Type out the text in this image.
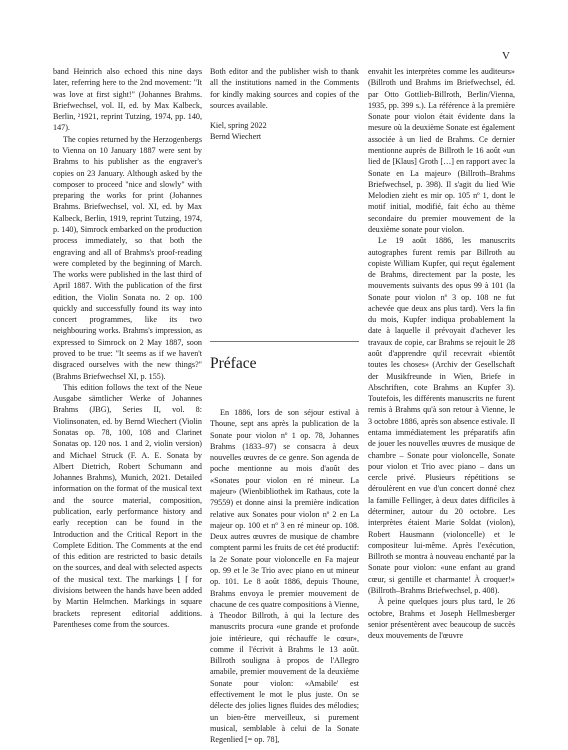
V

band Heinrich also echoed this nine days later, referring here to the 2nd movement: "It was love at first sight!" (Johannes Brahms. Briefwechsel, vol. II, ed. by Max Kalbeck, Berlin, ²1921, reprint Tutzing, 1974, pp. 140, 147).

The copies returned by the Herzogenbergs to Vienna on 10 January 1887 were sent by Brahms to his publisher as the engraver's copies on 23 January. Although asked by the composer to proceed "nice and slowly" with preparing the works for print (Johannes Brahms. Briefwechsel, vol. XI, ed. by Max Kalbeck, Berlin, 1919, reprint Tutzing, 1974, p. 140), Simrock embarked on the production process immediately, so that both the engraving and all of Brahms's proof-reading were completed by the beginning of March. The works were published in the last third of April 1887. With the publication of the first edition, the Violin Sonata no. 2 op. 100 quickly and successfully found its way into concert programmes, like its two neighbouring works. Brahms's impression, as expressed to Simrock on 2 May 1887, soon proved to be true: "It seems as if we haven't disgraced ourselves with the new things?" (Brahms Briefwechsel XI, p. 155).

This edition follows the text of the Neue Ausgabe sämtlicher Werke of Johannes Brahms (JBG), Series II, vol. 8: Violinsonaten, ed. by Bernd Wiechert (Violin Sonatas op. 78, 100, 108 and Clarinet Sonatas op. 120 nos. 1 and 2, violin version) and Michael Struck (F. A. E. Sonata by Albert Dietrich, Robert Schumann and Johannes Brahms), Munich, 2021. Detailed information on the format of the musical text and the source material, composition, publication, early performance history and early reception can be found in the Introduction and the Critical Report in the Complete Edition. The Comments at the end of this edition are restricted to basic details on the sources, and deal with selected aspects of the musical text. The markings ⌊ ⌈ for divisions between the hands have been added by Martin Helmchen. Markings in square brackets represent editorial additions. Parentheses come from the sources.

Both editor and the publisher wish to thank all the institutions named in the Comments for kindly making sources and copies of the sources available.

Kiel, spring 2022
Bernd Wiechert
Préface

En 1886, lors de son séjour estival à Thoune, sept ans après la publication de la Sonate pour violon nº 1 op. 78, Johannes Brahms (1833–97) se consacra à deux nouvelles œuvres de ce genre. Son agenda de poche mentionne au mois d'août des «Sonates pour violon en ré mineur. La majeur» (Wienbibliothek im Rathaus, cote la 79559) et donne ainsi la première indication relative aux Sonates pour violon nº 2 en La majeur op. 100 et nº 3 en ré mineur op. 108. Deux autres œuvres de musique de chambre comptent parmi les fruits de cet été productif: la 2e Sonate pour violoncelle en Fa majeur op. 99 et le 3e Trio avec piano en ut mineur op. 101. Le 8 août 1886, depuis Thoune, Brahms envoya le premier mouvement de chacune de ces quatre compositions à Vienne, à Theodor Billroth, à qui la lecture des manuscrits procura «une grande et profonde joie intérieure, qui réchauffe le cœur», comme il l'écrivit à Brahms le 13 août. Billroth souligna à propos de l'Allegro amabile, premier mouvement de la deuxième Sonate pour violon: «Amabile' est effectivement le mot le plus juste. On se délecte des jolies lignes fluides des mélodies; un bien-être merveilleux, si purement musical, semblable à celui de la Sonate Regenlied [= op. 78],

envahit les interprètes comme les auditeurs» (Billroth und Brahms im Briefwechsel, éd. par Otto Gottlieb-Billroth, Berlin/Vienna, 1935, pp. 399 s.). La référence à la première Sonate pour violon était évidente dans la mesure où la deuxième Sonate est également associée à un lied de Brahms. Ce dernier mentionne auprès de Billroth le 16 août «un lied de [Klaus] Groth […] en rapport avec la Sonate en La majeur» (Billroth–Brahms Briefwechsel, p. 398). Il s'agit du lied Wie Melodien zieht es mir op. 105 nº 1, dont le motif initial, modifié, fait écho au thème secondaire du premier mouvement de la deuxième sonate pour violon.

Le 19 août 1886, les manuscrits autographes furent remis par Billroth au copiste William Kupfer, qui reçut également de Brahms, directement par la poste, les mouvements suivants des opus 99 à 101 (la Sonate pour violon nº 3 op. 108 ne fut achevée que deux ans plus tard). Vers la fin du mois, Kupfer indiqua probablement la date à laquelle il prévoyait d'achever les travaux de copie, car Brahms se rejouit le 28 août d'apprendre qu'il recevrait «bientôt toutes les choses» (Archiv der Gesellschaft der Musikfreunde in Wien, Briefe in Abschriften, cote Brahms an Kupfer 3). Toutefois, les différents manuscrits ne furent remis à Brahms qu'à son retour à Vienne, le 3 octobre 1886, après son absence estivale. Il entama immédiatement les préparatifs afin de jouer les nouvelles œuvres de musique de chambre – Sonate pour violoncelle, Sonate pour violon et Trio avec piano – dans un cercle privé. Plusieurs répétitions se déroulèrent en vue d'un concert donné chez la famille Fellinger, à deux dates difficiles à déterminer, autour du 20 octobre. Les interprètes étaient Marie Soldat (violon), Robert Hausmann (violoncelle) et le compositeur lui-même. Après l'exécution, Billroth se montra à nouveau enchanté par la Sonate pour violon: «une enfant au grand cœur, si gentille et charmante! À croquer!» (Billroth–Brahms Briefwechsel, p. 408).

À peine quelques jours plus tard, le 26 octobre, Brahms et Joseph Hellmesberger senior présentèrent avec beaucoup de succès deux mouvements de l'œuvre
